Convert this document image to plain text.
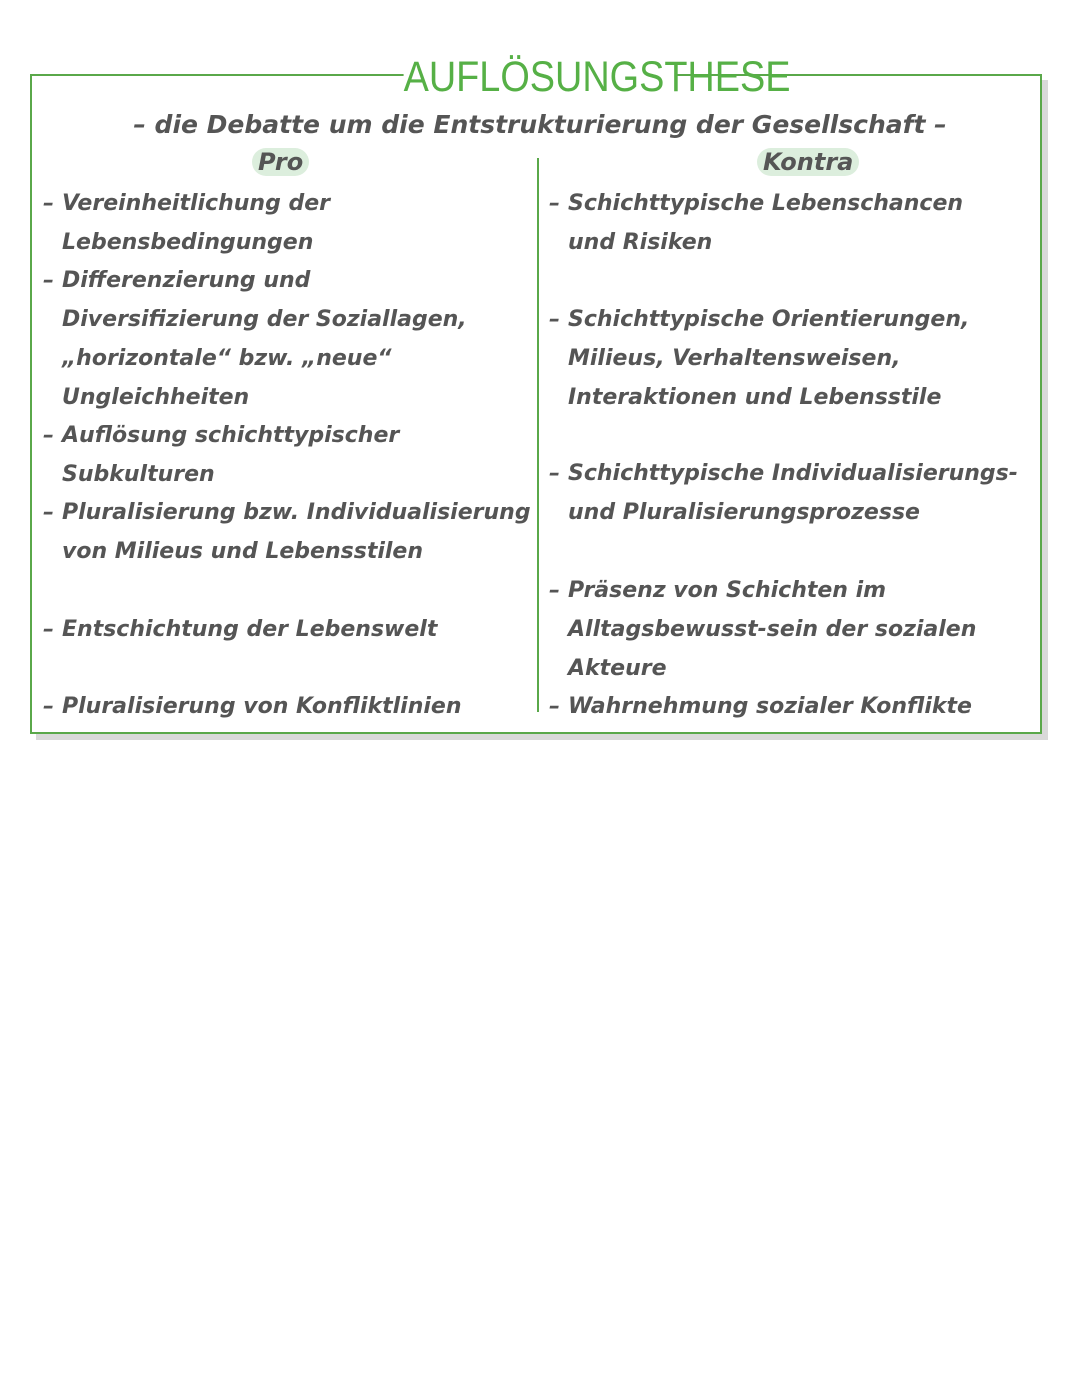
AUFLÖSUNGSTHESE
– die Debatte um die Entstrukturierung der Gesellschaft –
Pro	Kontra
– Vereinheitlichung der Lebensbedingungen
– Differenzierung und Diversifizierung der Soziallagen, „horizontale“ bzw. „neue“ Ungleichheiten
– Auflösung schichttypischer Subkulturen
– Pluralisierung bzw. Individualisierung von Milieus und Lebensstilen
– Entschichtung der Lebenswelt
– Pluralisierung von Konfliktlinien
– Schichttypische Lebenschancen und Risiken
– Schichttypische Orientierungen, Milieus, Verhaltensweisen, Interaktionen und Lebensstile
– Schichttypische Individualisierungs- und Pluralisierungsprozesse
– Präsenz von Schichten im Alltagsbewusst-sein der sozialen Akteure
– Wahrnehmung sozialer Konflikte
